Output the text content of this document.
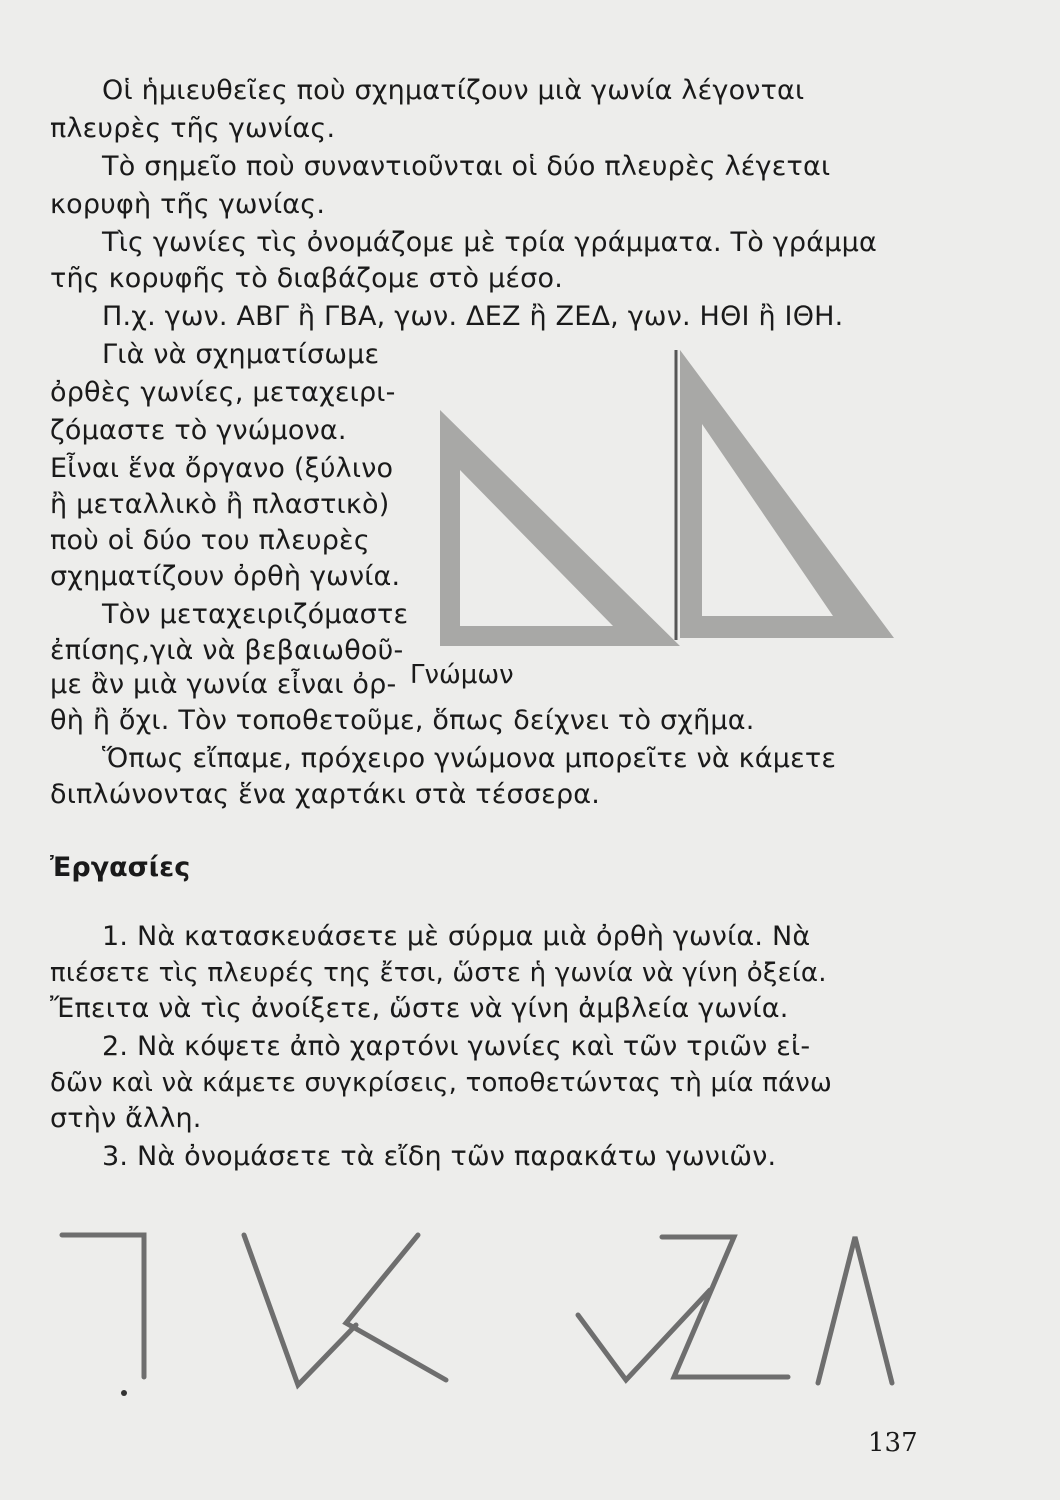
Οἱ ἡμιευθεῖες ποὺ σχηματίζουν μιὰ γωνία λέγονται
πλευρὲς τῆς γωνίας.
Τὸ σημεῖο ποὺ συναντιοῦνται οἱ δύο πλευρὲς λέγεται
κορυφὴ τῆς γωνίας.
Τὶς γωνίες τὶς ὀνομάζομε μὲ τρία γράμματα. Τὸ γράμμα
τῆς κορυφῆς τὸ διαβάζομε στὸ μέσο.
Π.χ. γων. ΑΒΓ ἢ ΓΒΑ, γων. ΔΕΖ ἢ ΖΕΔ, γων. ΗΘΙ ἢ ΙΘΗ.
Γιὰ νὰ σχηματίσωμε
ὀρθὲς γωνίες, μεταχειρι-
ζόμαστε τὸ γνώμονα.
Εἶναι ἕνα ὄργανο (ξύλινο
ἢ μεταλλικὸ ἢ πλαστικὸ)
ποὺ οἱ δύο του πλευρὲς
σχηματίζουν ὀρθὴ γωνία.
Τὸν μεταχειριζόμαστε
ἐπίσης,γιὰ νὰ βεβαιωθοῦ-
με ἂν μιὰ γωνία εἶναι ὀρ-
θὴ ἢ ὄχι. Τὸν τοποθετοῦμε, ὅπως δείχνει τὸ σχῆμα.
Ὅπως εἴπαμε, πρόχειρο γνώμονα μπορεῖτε νὰ κάμετε
διπλώνοντας ἕνα χαρτάκι στὰ τέσσερα.
Γνώμων
Ἐργασίες
1. Νὰ κατασκευάσετε μὲ σύρμα μιὰ ὀρθὴ γωνία. Νὰ
πιέσετε τὶς πλευρές της ἔτσι, ὥστε ἡ γωνία νὰ γίνη ὀξεία.
Ἔπειτα νὰ τὶς ἀνοίξετε, ὥστε νὰ γίνη ἀμβλεία γωνία.
2. Νὰ κόψετε ἀπὸ χαρτόνι γωνίες καὶ τῶν τριῶν εἰ-
δῶν καὶ νὰ κάμετε συγκρίσεις, τοποθετώντας τὴ μία πάνω
στὴν ἄλλη.
3. Νὰ ὀνομάσετε τὰ εἴδη τῶν παρακάτω γωνιῶν.
137
